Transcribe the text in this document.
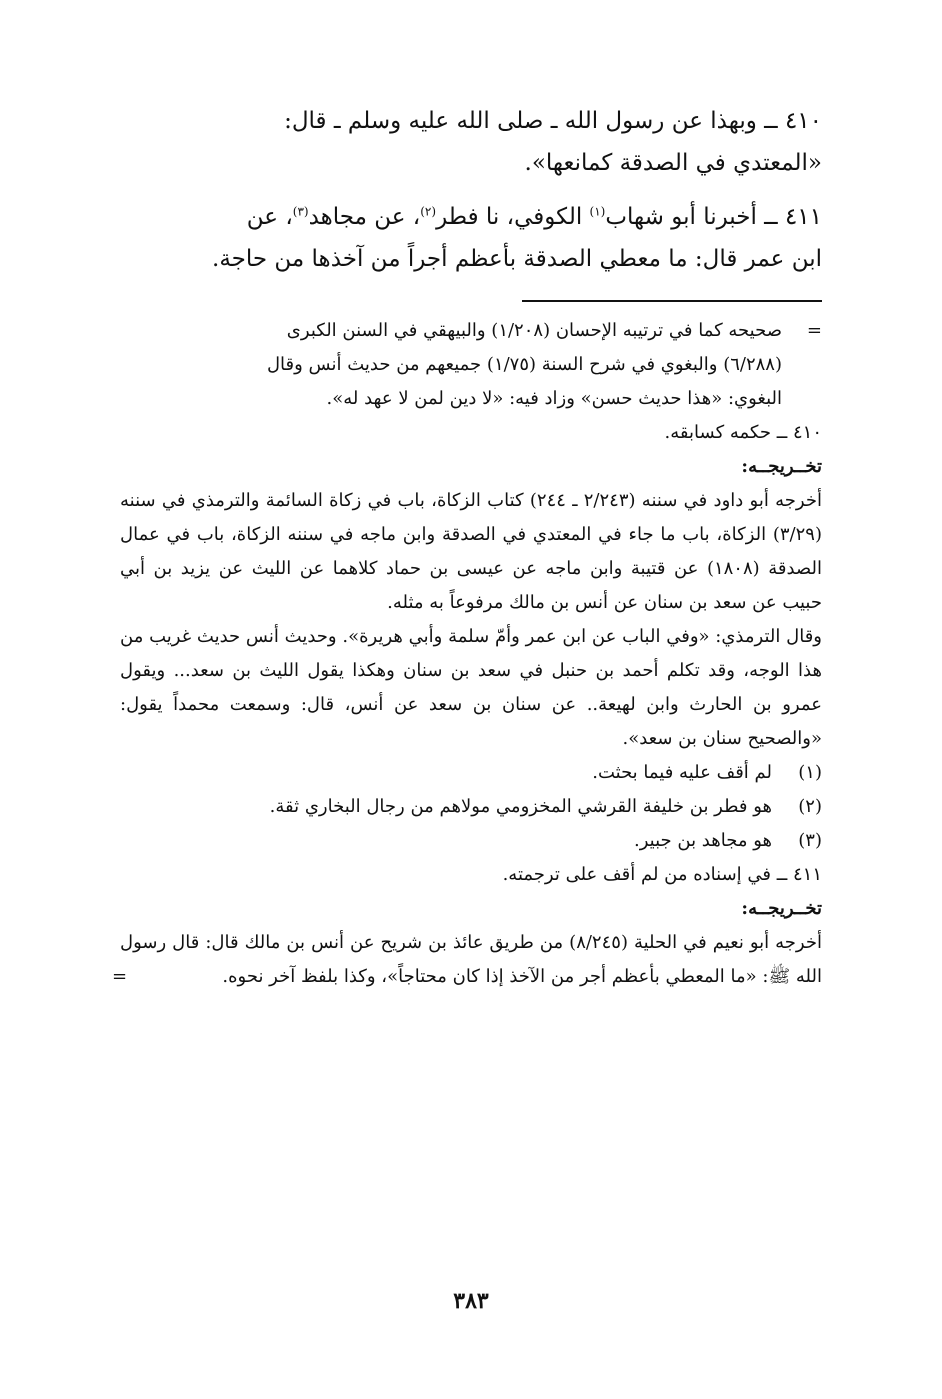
٤١٠ ــ وبهذا عن رسول الله ـ صلى الله عليه وسلم ـ قال:

«المعتدي في الصدقة كمانعها».

٤١١ ــ أخبرنا أبو شهاب$^{(١)}$ الكوفي، نا فطر$^{(٢)}$، عن مجاهد$^{(٣)}$، عن

ابن عمر قال: ما معطي الصدقة بأعظم أجراً من آخذها من حاجة.

=

صحيحه كما في ترتيبه الإحسان (١/٢٠٨) والبيهقي في السنن الكبرى

(٦/٢٨٨) والبغوي في شرح السنة (١/٧٥) جميعهم من حديث أنس وقال

البغوي: «هذا حديث حسن» وزاد فيه: «لا دين لمن لا عهد له».

٤١٠ ــ حكمه كسابقه.

تخــريجــه:

أخرجه أبو داود في سننه (٢/٢٤٣ ـ ٢٤٤) كتاب الزكاة، باب في زكاة السائمة والترمذي في سننه (٣/٢٩) الزكاة، باب ما جاء في المعتدي في الصدقة وابن ماجه في سننه الزكاة، باب في عمال الصدقة (١٨٠٨) عن قتيبة وابن ماجه عن عيسى بن حماد كلاهما عن الليث عن يزيد بن أبي حبيب عن سعد بن سنان عن أنس بن مالك مرفوعاً به مثله.

وقال الترمذي: «وفي الباب عن ابن عمر وأمّ سلمة وأبي هريرة». وحديث أنس حديث غريب من هذا الوجه، وقد تكلم أحمد بن حنبل في سعد بن سنان وهكذا يقول الليث بن سعد... ويقول عمرو بن الحارث وابن لهيعة.. عن سنان بن سعد عن أنس، قال: وسمعت محمداً يقول: «والصحيح سنان بن سعد».

(١)
لم أقف عليه فيما بحثت.
(٢)
هو فطر بن خليفة القرشي المخزومي مولاهم من رجال البخاري ثقة.
(٣)
هو مجاهد بن جبير.

٤١١ ــ في إسناده من لم أقف على ترجمته.

تخــريجــه:

أخرجه أبو نعيم في الحلية (٨/٢٤٥) من طريق عائذ بن شريح عن أنس بن مالك قال: قال رسول الله ﷺ: «ما المعطي بأعظم أجر من الآخذ إذا كان محتاجاً»، وكذا بلفظ آخر نحوه.

=
٣٨٣
